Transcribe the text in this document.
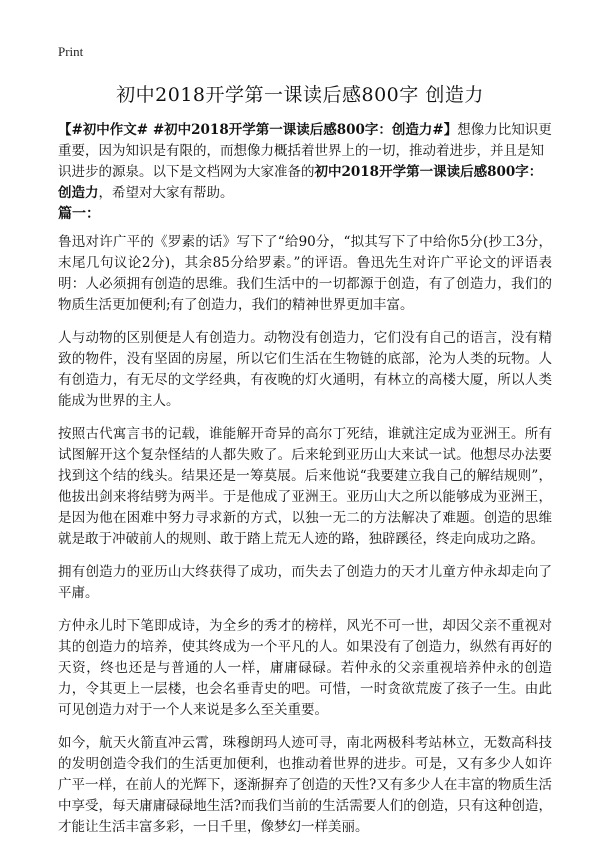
Print
初中2018开学第一课读后感800字 创造力

【#初中作文# #初中2018开学第一课读后感800字：创造力#】想像力比知识更重要，因为知识是有限的，而想像力概括着世界上的一切，推动着进步，并且是知识进步的源泉。以下是文档网为大家准备的初中2018开学第一课读后感800字：创造力，希望对大家有帮助。

篇一：

鲁迅对许广平的《罗素的话》写下了“给90分，“拟其写下了中给你5分(抄工3分，末尾几句议论2分)，其余85分给罗素。”的评语。鲁迅先生对许广平论文的评语表明：人必须拥有创造的思维。我们生活中的一切都源于创造，有了创造力，我们的物质生活更加便利;有了创造力，我们的精神世界更加丰富。

人与动物的区别便是人有创造力。动物没有创造力，它们没有自己的语言，没有精致的物件，没有坚固的房屋，所以它们生活在生物链的底部，沦为人类的玩物。人有创造力，有无尽的文学经典，有夜晚的灯火通明，有林立的高楼大厦，所以人类能成为世界的主人。

按照古代寓言书的记载，谁能解开奇异的高尔丁死结，谁就注定成为亚洲王。所有试图解开这个复杂怪结的人都失败了。后来轮到亚历山大来试一试。他想尽办法要找到这个结的线头。结果还是一筹莫展。后来他说“我要建立我自己的解结规则”，他拔出剑来将结劈为两半。于是他成了亚洲王。亚历山大之所以能够成为亚洲王，是因为他在困难中努力寻求新的方式，以独一无二的方法解决了难题。创造的思维就是敢于冲破前人的规则、敢于踏上荒无人迹的路，独辟蹊径，终走向成功之路。

拥有创造力的亚历山大终获得了成功，而失去了创造力的天才儿童方仲永却走向了平庸。

方仲永儿时下笔即成诗，为全乡的秀才的榜样，风光不可一世，却因父亲不重视对其的创造力的培养，使其终成为一个平凡的人。如果没有了创造力，纵然有再好的天资，终也还是与普通的人一样，庸庸碌碌。若仲永的父亲重视培养仲永的创造力，令其更上一层楼，也会名垂青史的吧。可惜，一时贪欲荒废了孩子一生。由此可见创造力对于一个人来说是多么至关重要。

如今，航天火箭直冲云霄，珠穆朗玛人迹可寻，南北两极科考站林立，无数高科技的发明创造令我们的生活更加便利，也推动着世界的进步。可是，又有多少人如许广平一样，在前人的光辉下，逐渐摒弃了创造的天性?又有多少人在丰富的物质生活中享受，每天庸庸碌碌地生活?而我们当前的生活需要人们的创造，只有这种创造，才能让生活丰富多彩，一日千里，像梦幻一样美丽。
